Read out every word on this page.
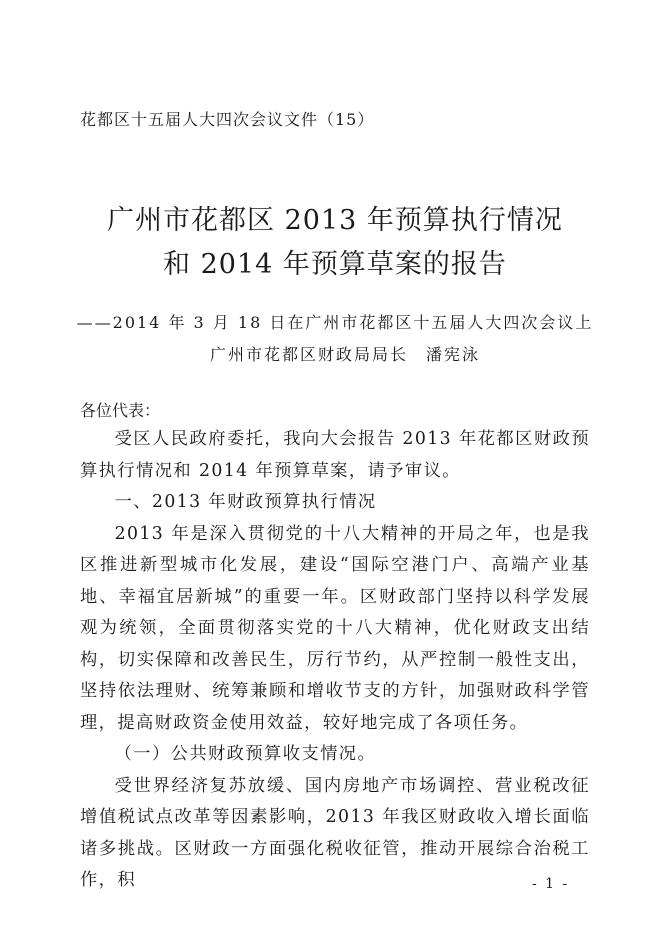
花都区十五届人大四次会议文件（15）
广州市花都区 2013 年预算执行情况
和 2014 年预算草案的报告
——2014 年 3 月 18 日在广州市花都区十五届人大四次会议上
广州市花都区财政局局长　潘宪泳
各位代表：

受区人民政府委托，我向大会报告 2013 年花都区财政预算执行情况和 2014 年预算草案，请予审议。

一、2013 年财政预算执行情况

2013 年是深入贯彻党的十八大精神的开局之年，也是我区推进新型城市化发展，建设“国际空港门户、高端产业基地、幸福宜居新城”的重要一年。区财政部门坚持以科学发展观为统领，全面贯彻落实党的十八大精神，优化财政支出结构，切实保障和改善民生，厉行节约，从严控制一般性支出，坚持依法理财、统筹兼顾和增收节支的方针，加强财政科学管理，提高财政资金使用效益，较好地完成了各项任务。

（一）公共财政预算收支情况。

受世界经济复苏放缓、国内房地产市场调控、营业税改征增值税试点改革等因素影响，2013 年我区财政收入增长面临诸多挑战。区财政一方面强化税收征管，推动开展综合治税工作，积	- 1 -
